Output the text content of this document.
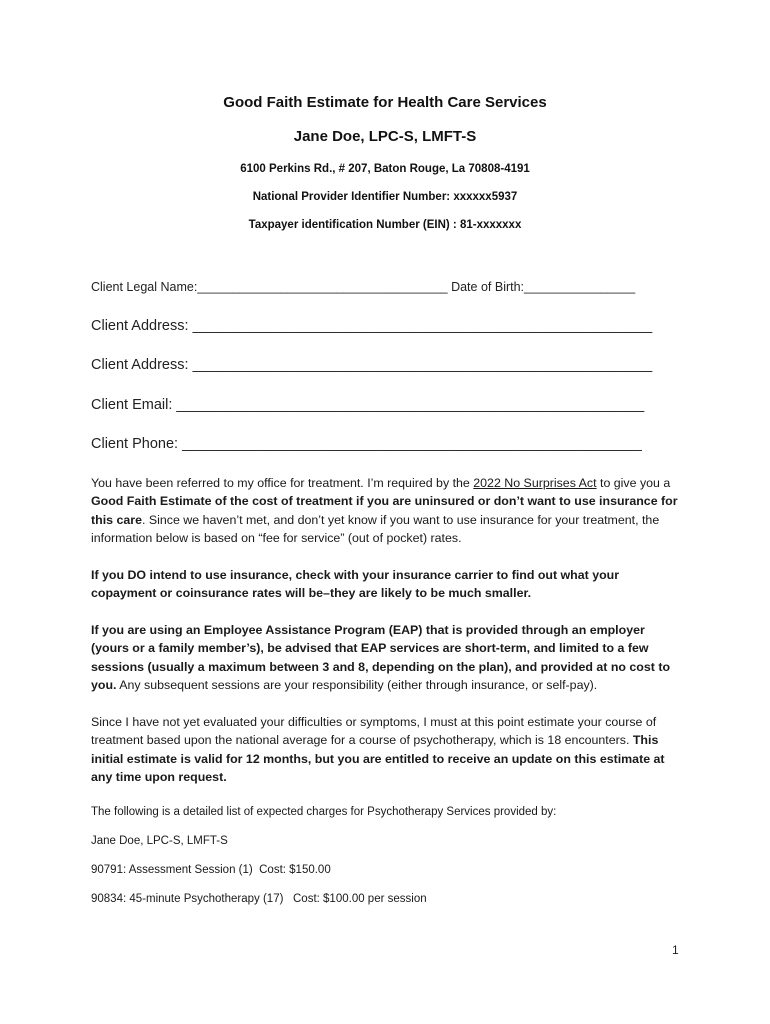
Good Faith Estimate for Health Care Services
Jane Doe, LPC-S, LMFT-S
6100 Perkins Rd., # 207, Baton Rouge, La 70808-4191
National Provider Identifier Number: xxxxxx5937
Taxpayer identification Number (EIN) : 81-xxxxxxx
Client Legal Name:____________________________________ Date of Birth:________________
Client Address: _________________________________________________________
Client Address: _________________________________________________________
Client Email: __________________________________________________________
Client Phone: _________________________________________________________
You have been referred to my office for treatment. I’m required by the 2022 No Surprises Act to give you a Good Faith Estimate of the cost of treatment if you are uninsured or don’t want to use insurance for this care. Since we haven’t met, and don’t yet know if you want to use insurance for your treatment, the information below is based on “fee for service” (out of pocket) rates.
If you DO intend to use insurance, check with your insurance carrier to find out what your copayment or coinsurance rates will be–they are likely to be much smaller.
If you are using an Employee Assistance Program (EAP) that is provided through an employer (yours or a family member’s), be advised that EAP services are short-term, and limited to a few sessions (usually a maximum between 3 and 8, depending on the plan), and provided at no cost to you. Any subsequent sessions are your responsibility (either through insurance, or self-pay).
Since I have not yet evaluated your difficulties or symptoms, I must at this point estimate your course of treatment based upon the national average for a course of psychotherapy, which is 18 encounters. This initial estimate is valid for 12 months, but you are entitled to receive an update on this estimate at any time upon request.
The following is a detailed list of expected charges for Psychotherapy Services provided by:
Jane Doe, LPC-S, LMFT-S
90791: Assessment Session (1)  Cost: $150.00
90834: 45-minute Psychotherapy (17)   Cost: $100.00 per session
1
